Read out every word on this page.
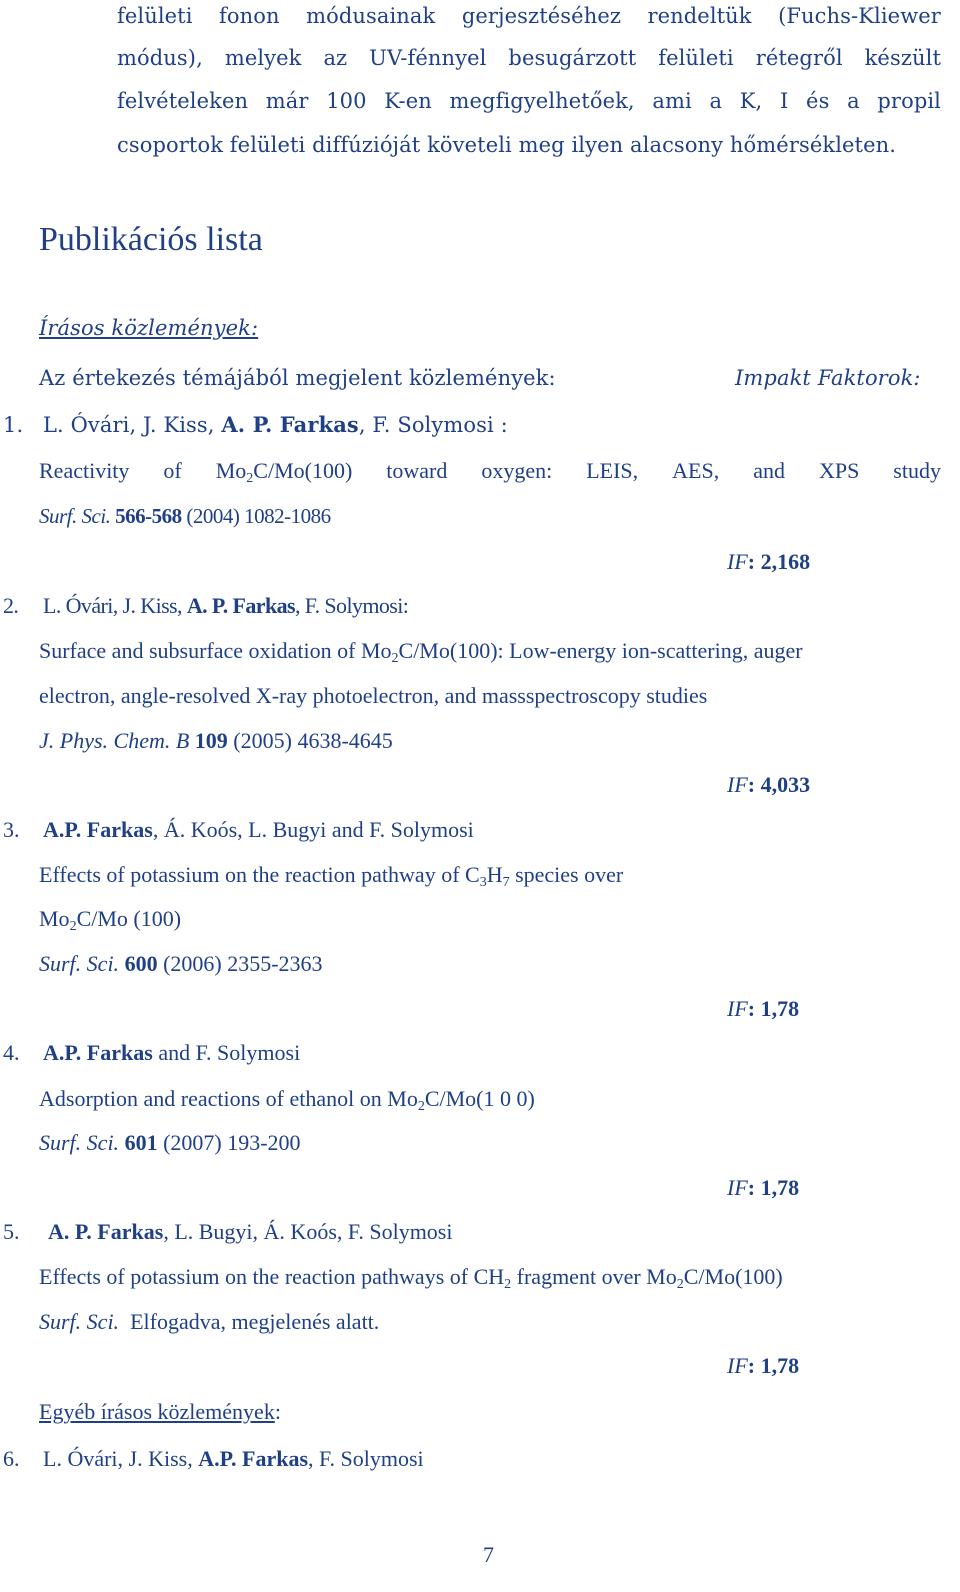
felületi fonon módusainak gerjesztéséhez rendeltük (Fuchs-Kliewer
módus), melyek az UV-fénnyel besugárzott felületi rétegről készült
felvételeken már 100 K-en megfigyelhetőek, ami a K, I és a propil
csoportok felületi diffúzióját követeli meg ilyen alacsony hőmérsékleten.
Publikációs lista
Írásos közlemények:
Az értekezés témájából megjelent közlemények:	Impakt Faktorok:
1. L. Óvári, J. Kiss, A. P. Farkas, F. Solymosi :
Reactivity of $Mo_2C/Mo(100)$ toward oxygen: LEIS, AES, and XPS study
Surf. Sci. 566-568 (2004) 1082-1086
IF: 2,168
2. L. Óvári, J. Kiss, A. P. Farkas, F. Solymosi:
Surface and subsurface oxidation of $Mo_2C/Mo(100)$: Low-energy ion-scattering, auger
electron, angle-resolved X-ray photoelectron, and massspectroscopy studies
J. Phys. Chem. B 109 (2005) 4638-4645
IF: 4,033
3. A.P. Farkas, Á. Koós, L. Bugyi and F. Solymosi
Effects of potassium on the reaction pathway of $C_3H_7$ species over
$Mo_2C/Mo$ (100)
Surf. Sci. 600 (2006) 2355-2363
IF: 1,78
4. A.P. Farkas and F. Solymosi
Adsorption and reactions of ethanol on $Mo_2C/Mo(1$ 0 0)
Surf. Sci. 601 (2007) 193-200
IF: 1,78
5. A. P. Farkas, L. Bugyi, Á. Koós, F. Solymosi
Effects of potassium on the reaction pathways of $CH_2$ fragment over $Mo_2C/Mo(100)$
Surf. Sci.  Elfogadva, megjelenés alatt.
IF: 1,78
Egyéb írásos közlemények:
6. L. Óvári, J. Kiss, A.P. Farkas, F. Solymosi
7
